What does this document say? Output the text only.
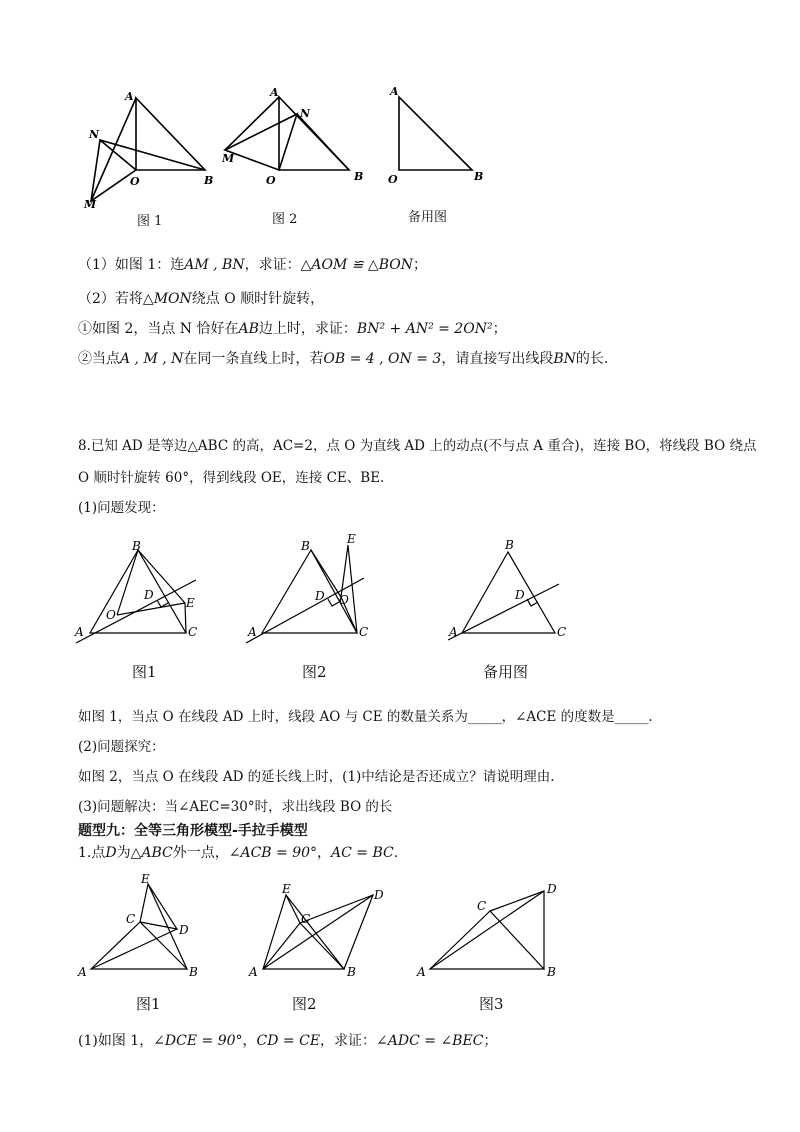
A
N
O	B
M
图 1
A
N
M
O	B
图 2
A
O	B
备用图
（1）如图 1：连AM , BN，求证：△AOM ≌ △BON；
（2）若将△MON绕点 O 顺时针旋转，
①如图 2，当点 N 恰好在AB边上时，求证：BN² + AN² = 2ON²；
②当点A , M , N在同一条直线上时，若OB = 4 , ON = 3，请直接写出线段BN的长.
8.已知 AD 是等边△ABC 的高，AC=2，点 O 为直线 AD 上的动点(不与点 A 重合)，连接 BO，将线段 BO 绕点
O 顺时针旋转 60°，得到线段 OE，连接 CE、BE.
(1)问题发现：
B
D
E
O
A	C
图1
B	E
D O
A	C
图2
B
D
A	C
备用图
如图 1，当点 O 在线段 AD 上时，线段 AO 与 CE 的数量关系为_____，∠ACE 的度数是_____.
(2)问题探究：
如图 2，当点 O 在线段 AD 的延长线上时，(1)中结论是否还成立？请说明理由.
(3)问题解决：当∠AEC=30°时，求出线段 BO 的长
题型九：全等三角形模型-手拉手模型
1.点D为△ABC外一点，∠ACB = 90°，AC = BC.
E
C
D
A	B
图1
E	D
C
A	B
图2
D
C
A	B
图3
(1)如图 1，∠DCE = 90°，CD = CE，求证：∠ADC = ∠BEC；
